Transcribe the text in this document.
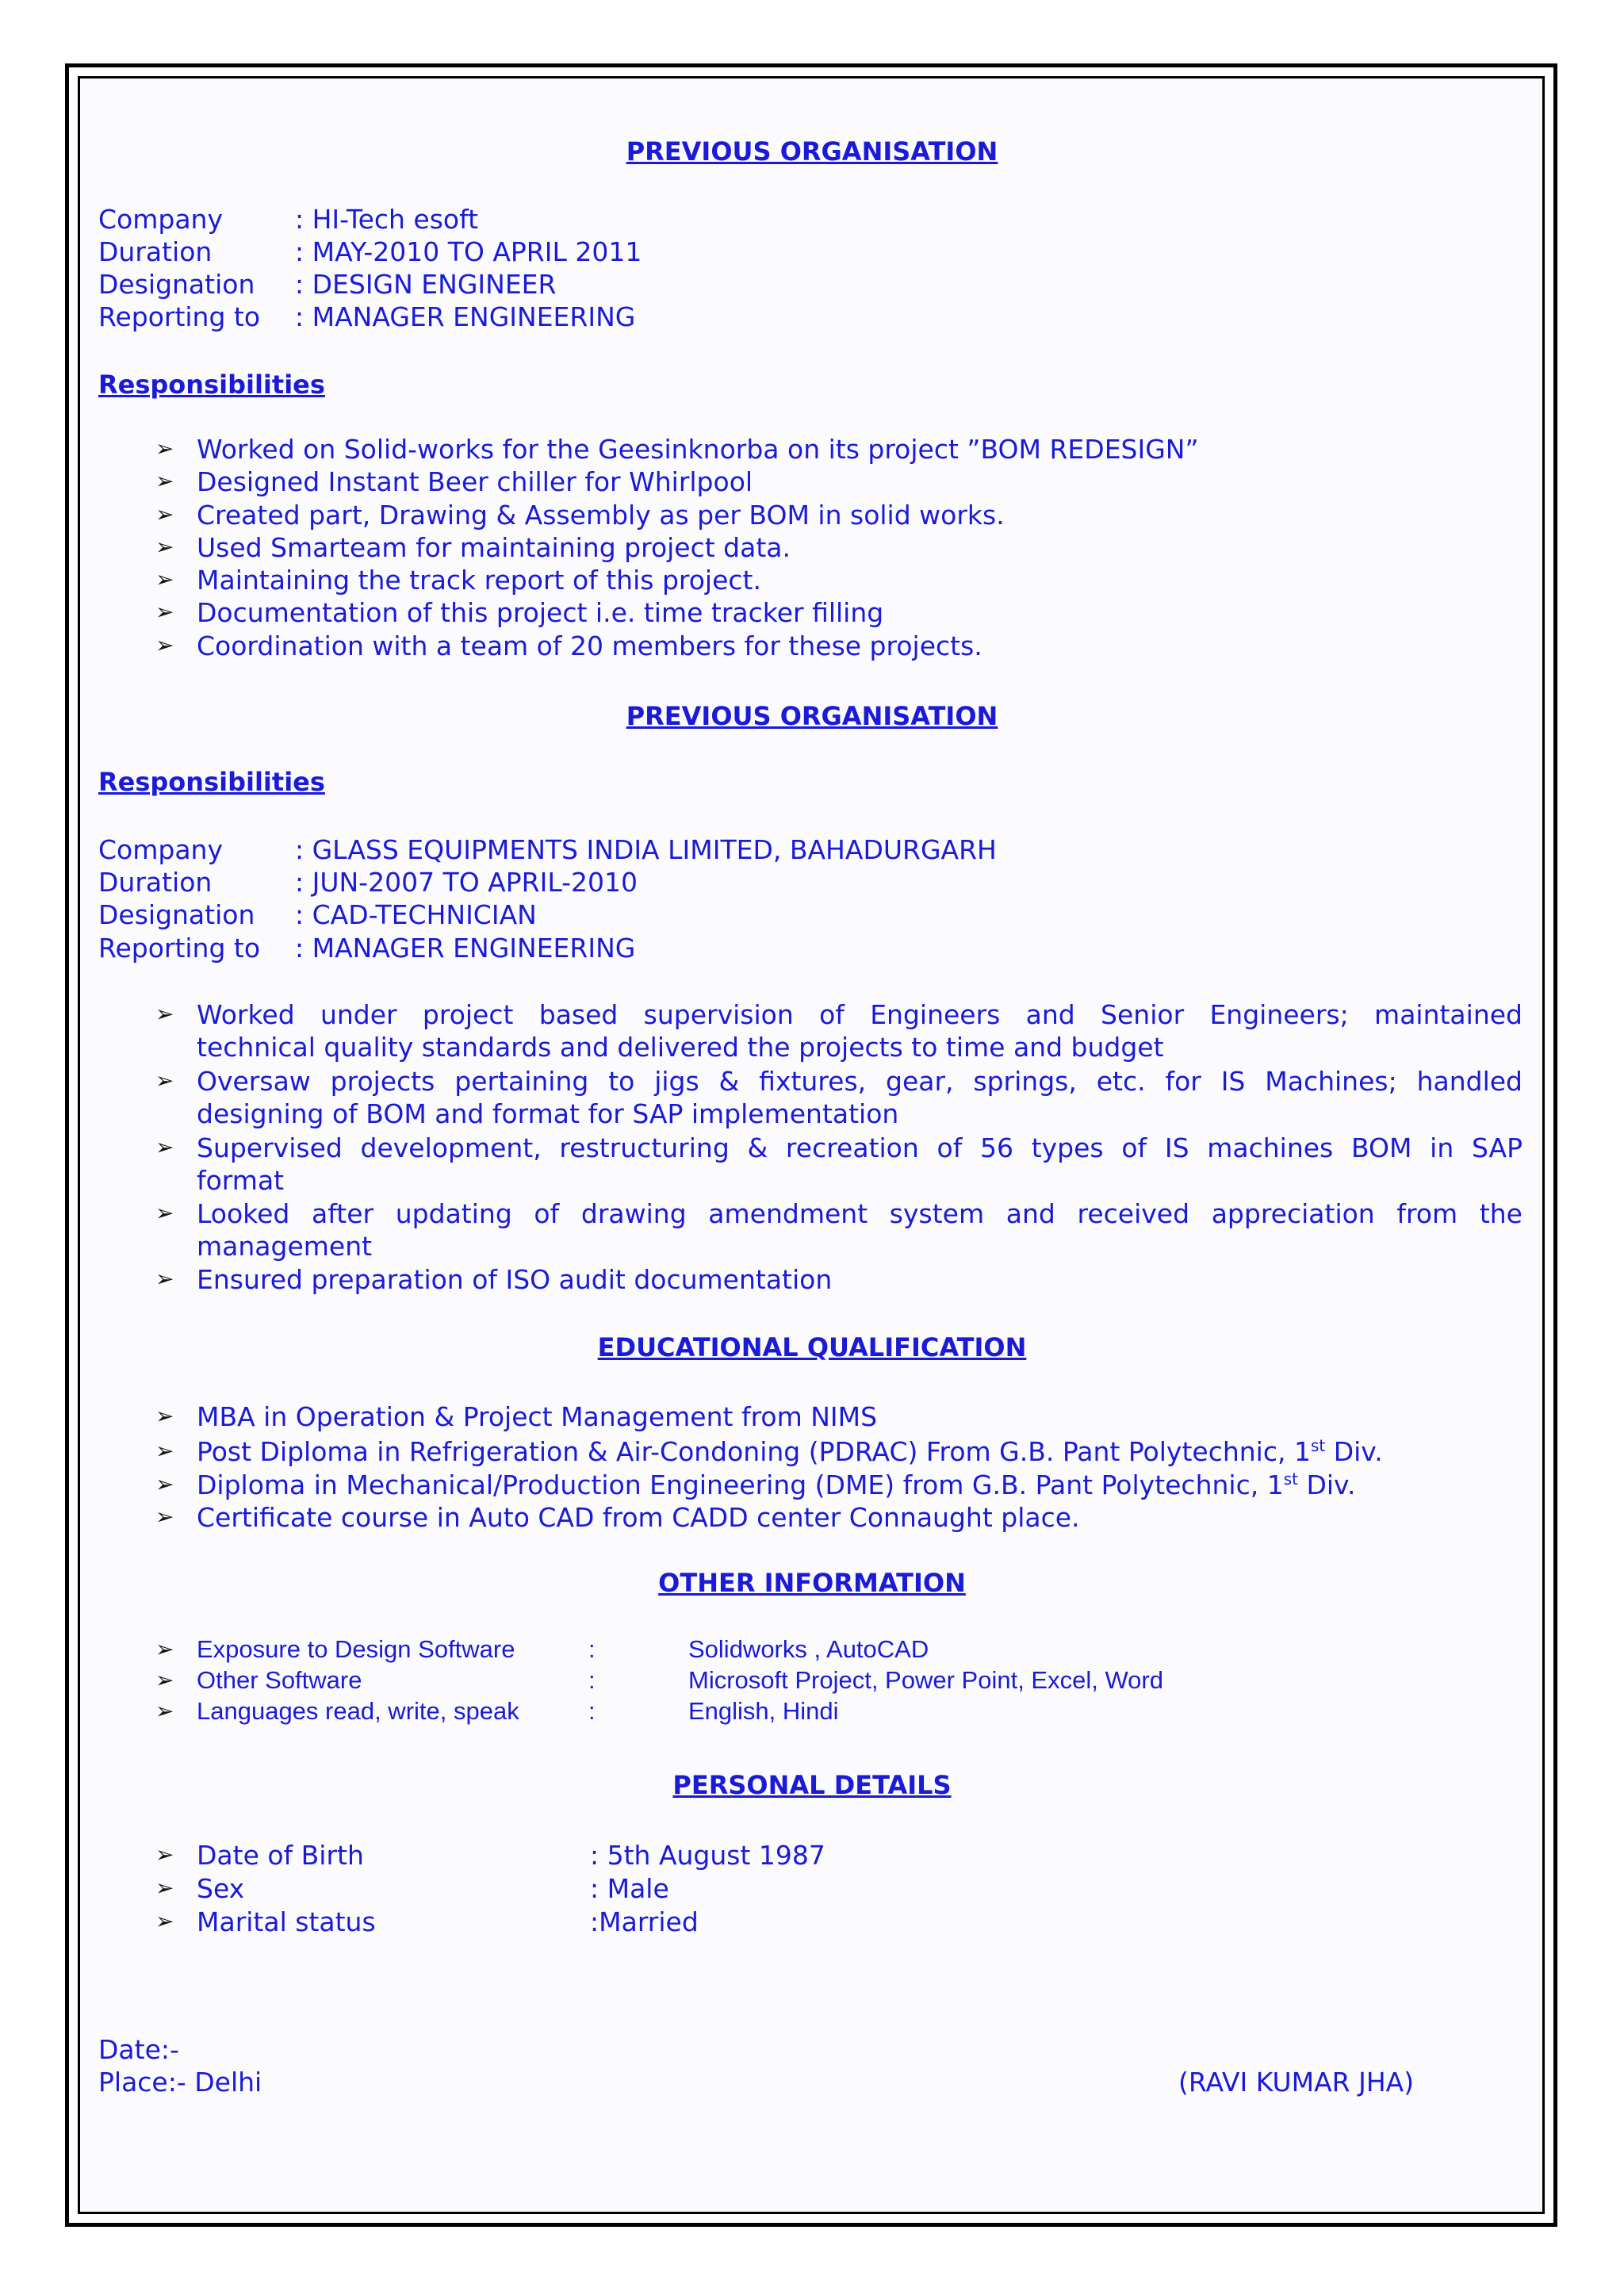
PREVIOUS ORGANISATION
Company	: HI-Tech esoft
Duration	: MAY-2010 TO APRIL 2011
Designation : DESIGN ENGINEER
Reporting to : MANAGER ENGINEERING
Responsibilities
➢ Worked on Solid-works for the Geesinknorba on its project ”BOM REDESIGN”
➢ Designed Instant Beer chiller for Whirlpool
➢ Created part, Drawing & Assembly as per BOM in solid works.
➢ Used Smarteam for maintaining project data.
➢ Maintaining the track report of this project.
➢ Documentation of this project i.e. time tracker filling
➢ Coordination with a team of 20 members for these projects.
PREVIOUS ORGANISATION
Responsibilities
Company	: GLASS EQUIPMENTS INDIA LIMITED, BAHADURGARH
Duration	: JUN-2007 TO APRIL-2010
Designation : CAD-TECHNICIAN
Reporting to : MANAGER ENGINEERING
➢ Worked under project based supervision of Engineers and Senior Engineers; maintained
technical quality standards and delivered the projects to time and budget
➢ Oversaw projects pertaining to jigs & fixtures, gear, springs, etc. for IS Machines; handled
designing of BOM and format for SAP implementation
➢ Supervised development, restructuring & recreation of 56 types of IS machines BOM in SAP
format
➢ Looked after updating of drawing amendment system and received appreciation from the
management
➢ Ensured preparation of ISO audit documentation
EDUCATIONAL QUALIFICATION
➢ MBA in Operation & Project Management from NIMS
➢ Post Diploma in Refrigeration & Air-Condoning (PDRAC) From G.B. Pant Polytechnic, 1st Div.
➢ Diploma in Mechanical/Production Engineering (DME) from G.B. Pant Polytechnic, 1st Div.
➢ Certificate course in Auto CAD from CADD center Connaught place.
OTHER INFORMATION
➢ Exposure to Design Software	:	Solidworks , AutoCAD
➢ Other Software	:	Microsoft Project, Power Point, Excel, Word
➢ Languages read, write, speak	:	English, Hindi
PERSONAL DETAILS
➢ Date of Birth	: 5th August 1987
➢ Sex	: Male
➢ Marital status	:Married
Date:-
Place:- Delhi	(RAVI KUMAR JHA)
